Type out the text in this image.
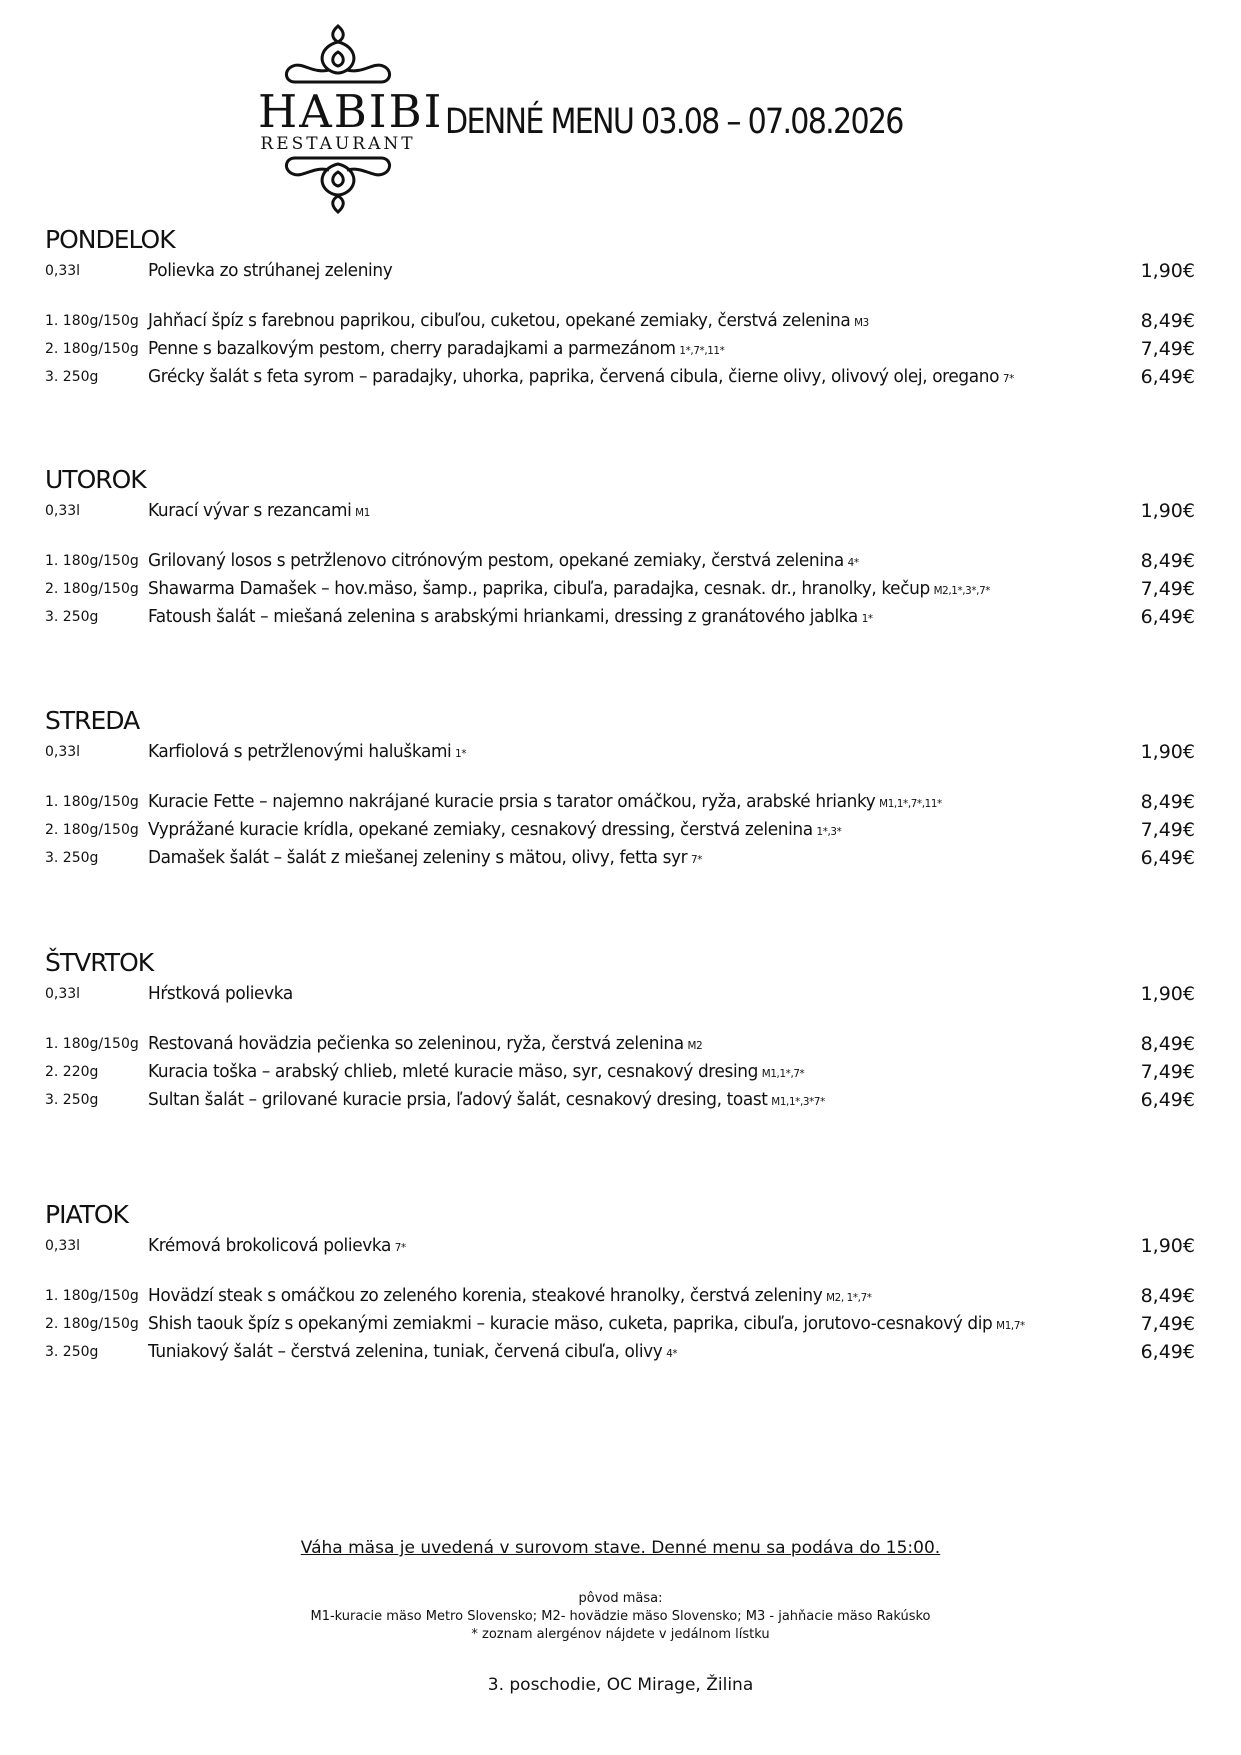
HABIBI
RESTAURANT
DENNÉ MENU 03.08 – 07.08.2026
PONDELOK
0,33l	Polievka zo strúhanej zeleniny	1,90€
1. 180g/150g Jahňací špíz s farebnou paprikou, cibuľou, cuketou, opekané zemiaky, čerstvá zelenina M3	8,49€
2. 180g/150g Penne s bazalkovým pestom, cherry paradajkami a parmezánom 1*,7*,11*	7,49€
3. 250g	Grécky šalát s feta syrom – paradajky, uhorka, paprika, červená cibula, čierne olivy, olivový olej, oregano 7*	6,49€
UTOROK
0,33l	Kurací vývar s rezancami M1	1,90€
1. 180g/150g Grilovaný losos s petržlenovo citrónovým pestom, opekané zemiaky, čerstvá zelenina 4*	8,49€
2. 180g/150g Shawarma Damašek – hov.mäso, šamp., paprika, cibuľa, paradajka, cesnak. dr., hranolky, kečup M2,1*,3*,7*	7,49€
3. 250g	Fatoush šalát – miešaná zelenina s arabskými hriankami, dressing z granátového jablka 1*	6,49€
STREDA
0,33l	Karfiolová s petržlenovými haluškami 1*	1,90€
1. 180g/150g Kuracie Fette – najemno nakrájané kuracie prsia s tarator omáčkou, ryža, arabské hrianky M1,1*,7*,11*	8,49€
2. 180g/150g Vyprážané kuracie krídla, opekané zemiaky, cesnakový dressing, čerstvá zelenina 1*,3*	7,49€
3. 250g	Damašek šalát – šalát z miešanej zeleniny s mätou, olivy, fetta syr 7*	6,49€
ŠTVRTOK
0,33l	Hŕstková polievka	1,90€
1. 180g/150g Restovaná hovädzia pečienka so zeleninou, ryža, čerstvá zelenina M2	8,49€
2. 220g	Kuracia toška – arabský chlieb, mleté kuracie mäso, syr, cesnakový dresing M1,1*,7*	7,49€
3. 250g	Sultan šalát – grilované kuracie prsia, ľadový šalát, cesnakový dresing, toast M1,1*,3*7*	6,49€
PIATOK
0,33l	Krémová brokolicová polievka 7*	1,90€
1. 180g/150g Hovädzí steak s omáčkou zo zeleného korenia, steakové hranolky, čerstvá zeleniny M2, 1*,7*	8,49€
2. 180g/150g Shish taouk špíz s opekanými zemiakmi – kuracie mäso, cuketa, paprika, cibuľa, jorutovo-cesnakový dip M1,7*	7,49€
3. 250g	Tuniakový šalát – čerstvá zelenina, tuniak, červená cibuľa, olivy 4*	6,49€
Váha mäsa je uvedená v surovom stave. Denné menu sa podáva do 15:00.
pôvod mäsa:
M1-kuracie mäso Metro Slovensko; M2- hovädzie mäso Slovensko; M3 - jahňacie mäso Rakúsko
* zoznam alergénov nájdete v jedálnom lístku
3. poschodie, OC Mirage, Žilina
